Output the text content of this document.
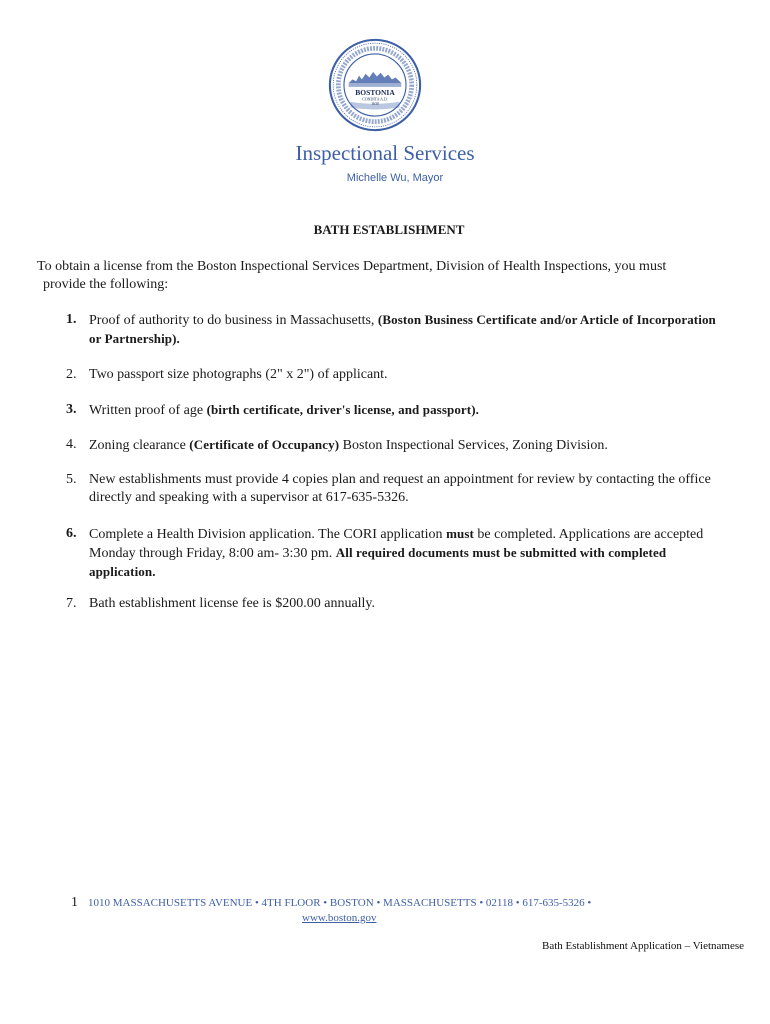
BOSTONIA
CONDITA A.D.
1630
Inspectional Services
Michelle Wu, Mayor
BATH ESTABLISHMENT
To obtain a license from the Boston Inspectional Services Department, Division of Health Inspections, you must
provide the following:
1. Proof of authority to do business in Massachusetts, (Boston Business Certificate and/or Article of Incorporation or Partnership).
2. Two passport size photographs (2" x 2") of applicant.
3. Written proof of age (birth certificate, driver's license, and passport).
4. Zoning clearance (Certificate of Occupancy) Boston Inspectional Services, Zoning Division.
5. New establishments must provide 4 copies plan and request an appointment for review by contacting the office directly and speaking with a supervisor at 617-635-5326.
6. Complete a Health Division application. The CORI application must be completed. Applications are accepted Monday through Friday, 8:00 am- 3:30 pm. All required documents must be submitted with completed application.
7. Bath establishment license fee is $200.00 annually.
1 1010 MASSACHUSETTS AVENUE • 4TH FLOOR • BOSTON • MASSACHUSETTS • 02118 • 617-635-5326 •
www.boston.gov
Bath Establishment Application – Vietnamese
